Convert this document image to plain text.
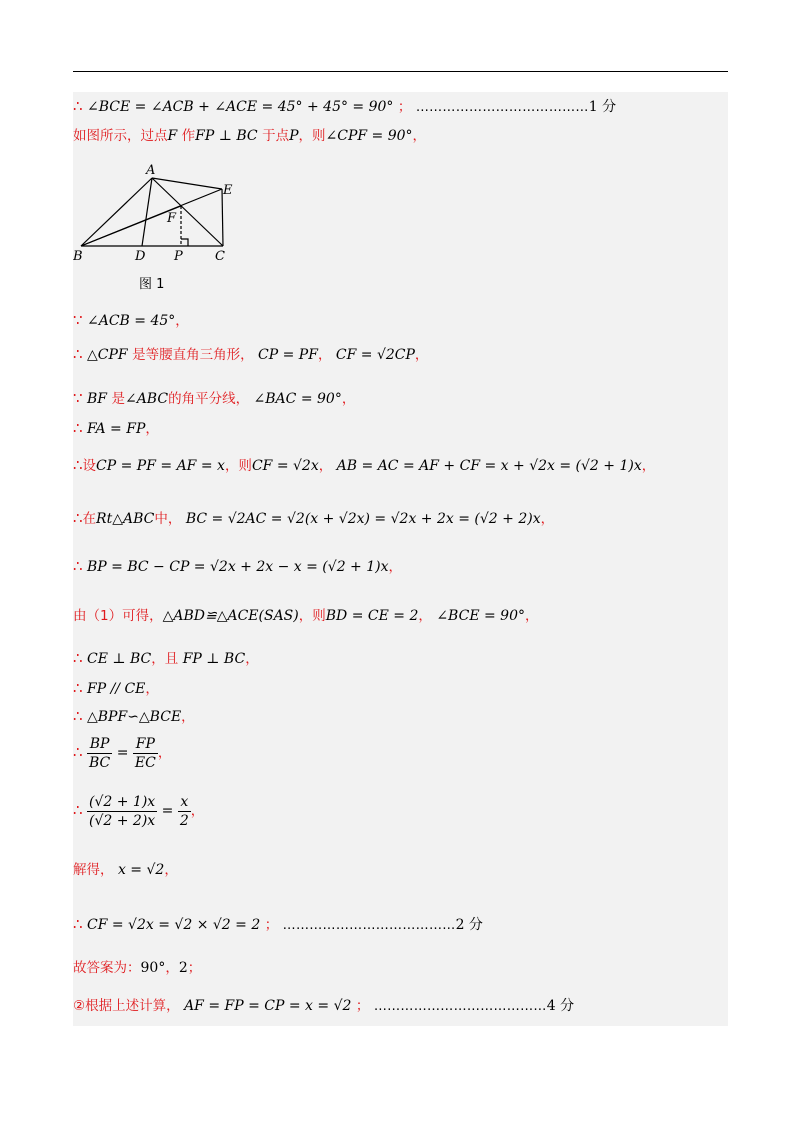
∴ ∠BCE = ∠ACB + ∠ACE = 45° + 45° = 90° ； …………………………………1 分
如图所示，过点F 作FP ⊥ BC 于点P，则∠CPF = 90°，
A
B	C
D
E
F
P
图 1
∵ ∠ACB = 45°，
∴ △CPF 是等腰直角三角形， CP = PF， CF = √2CP，
∵ BF 是∠ABC的角平分线， ∠BAC = 90°，
∴ FA = FP，
∴设CP = PF = AF = x，则CF = √2x， AB = AC = AF + CF = x + √2x = (√2 + 1)x，
∴在Rt△ABC中， BC = √2AC = √2(x + √2x) = √2x + 2x = (√2 + 2)x，
∴ BP = BC − CP = √2x + 2x − x = (√2 + 1)x，
由（1）可得，△ABD≌△ACE(SAS)，则BD = CE = 2， ∠BCE = 90°，
∴ CE ⊥ BC，且 FP ⊥ BC，
∴ FP // CE，
∴ △BPF∽△BCE，
∴ $\frac{BP}{BC} = \frac{FP}{EC}$ ，
∴ $\frac{(√2 + 1)x}{(√2 + 2)x} = \frac{x}{2}$ ，
解得， x = √2，
∴ CF = √2x = √2 × √2 = 2 ； …………………………………2 分
故答案为：90°，2；
②根据上述计算， AF = FP = CP = x = √2 ； …………………………………4 分
